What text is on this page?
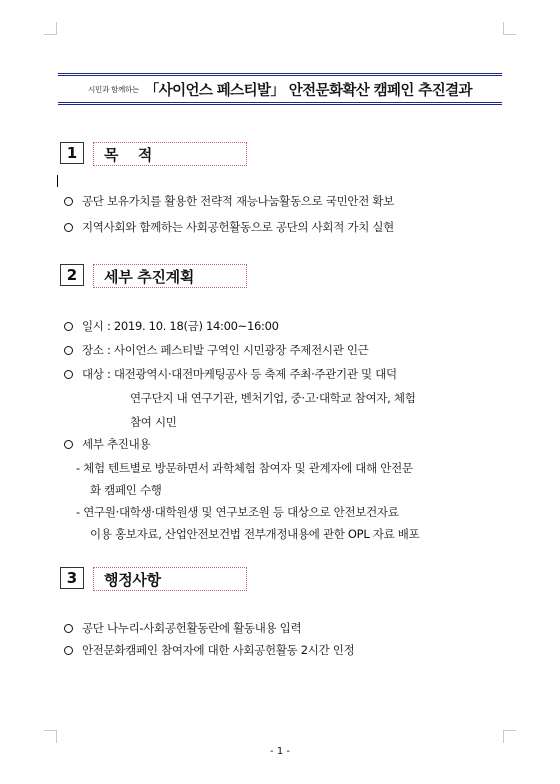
시민과 함께하는 「사이언스 페스티발」 안전문화확산 캠페인 추진결과
1	목    적
공단 보유가치를 활용한 전략적 재능나눔활동으로 국민안전 확보
지역사회와 함께하는 사회공헌활동으로 공단의 사회적 가치 실현
2	세부 추진계획
일시 : 2019. 10. 18(금) 14:00~16:00
장소 : 사이언스 페스티발 구역인 시민광장 주제전시관 인근
대상 : 대전광역시·대전마케팅공사 등 축제 주최·주관기관 및 대덕
연구단지 내 연구기관, 벤처기업, 중·고·대학교 참여자, 체험
참여 시민
세부 추진내용
- 체험 텐트별로 방문하면서 과학체험 참여자 및 관계자에 대해 안전문
화 캠페인 수행
- 연구원·대학생·대학원생 및 연구보조원 등 대상으로 안전보건자료
이용 홍보자료, 산업안전보건법 전부개정내용에 관한 OPL 자료 배포
3	행정사항
공단 나누리-사회공헌활동란에 활동내용 입력
안전문화캠페인 참여자에 대한 사회공헌활동 2시간 인정
- 1 -
